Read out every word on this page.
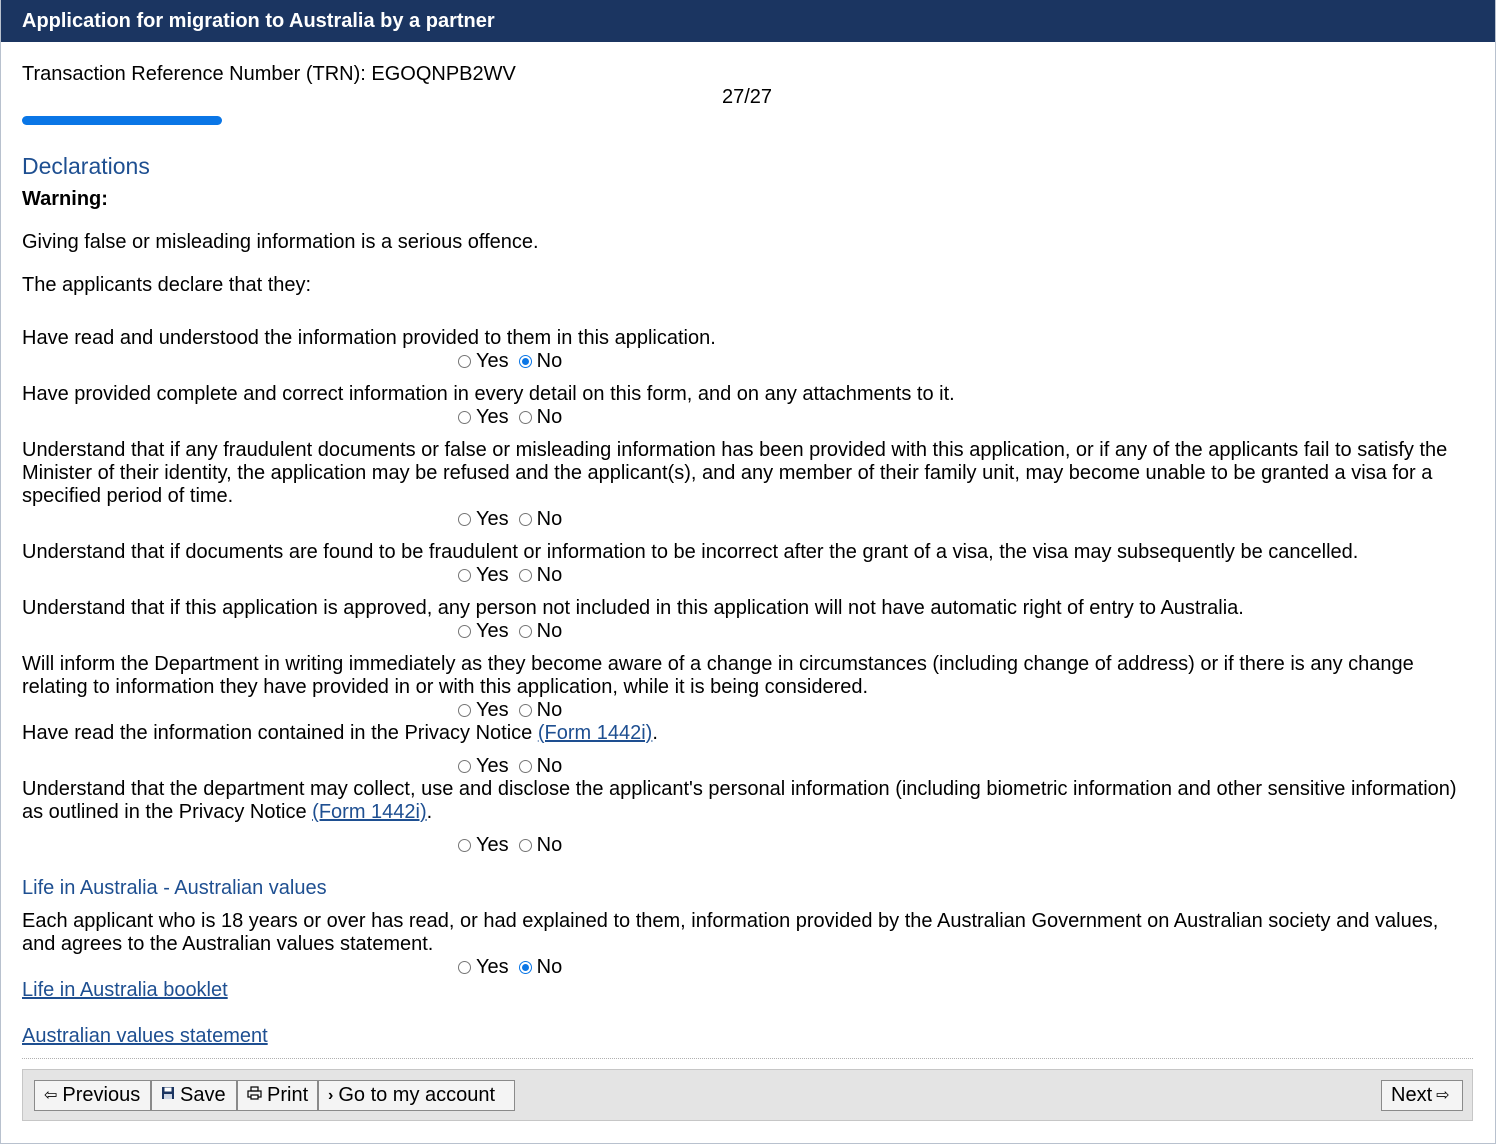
Application for migration to Australia by a partner
Transaction Reference Number (TRN): EGOQNPB2WV
27/27
Declarations
Warning:
Giving false or misleading information is a serious offence.
The applicants declare that they:
Have read and understood the information provided to them in this application.
Yes No
Have provided complete and correct information in every detail on this form, and on any attachments to it.
Yes No
Understand that if any fraudulent documents or false or misleading information has been provided with this application, or if any of the applicants fail to satisfy the Minister of their identity, the application may be refused and the applicant(s), and any member of their family unit, may become unable to be granted a visa for a specified period of time.
Yes No
Understand that if documents are found to be fraudulent or information to be incorrect after the grant of a visa, the visa may subsequently be cancelled.
Yes No
Understand that if this application is approved, any person not included in this application will not have automatic right of entry to Australia.
Yes No
Will inform the Department in writing immediately as they become aware of a change in circumstances (including change of address) or if there is any change relating to information they have provided in or with this application, while it is being considered.
Yes No
Have read the information contained in the Privacy Notice (Form 1442i).
Yes No
Understand that the department may collect, use and disclose the applicant's personal information (including biometric information and other sensitive information) as outlined in the Privacy Notice (Form 1442i).
Yes No
Life in Australia - Australian values
Each applicant who is 18 years or over has read, or had explained to them, information provided by the Australian Government on Australian society and values, and agrees to the Australian values statement.
Yes No
Life in Australia booklet
Australian values statement
⇦ Previous Save Print › Go to my account	Next ⇨
